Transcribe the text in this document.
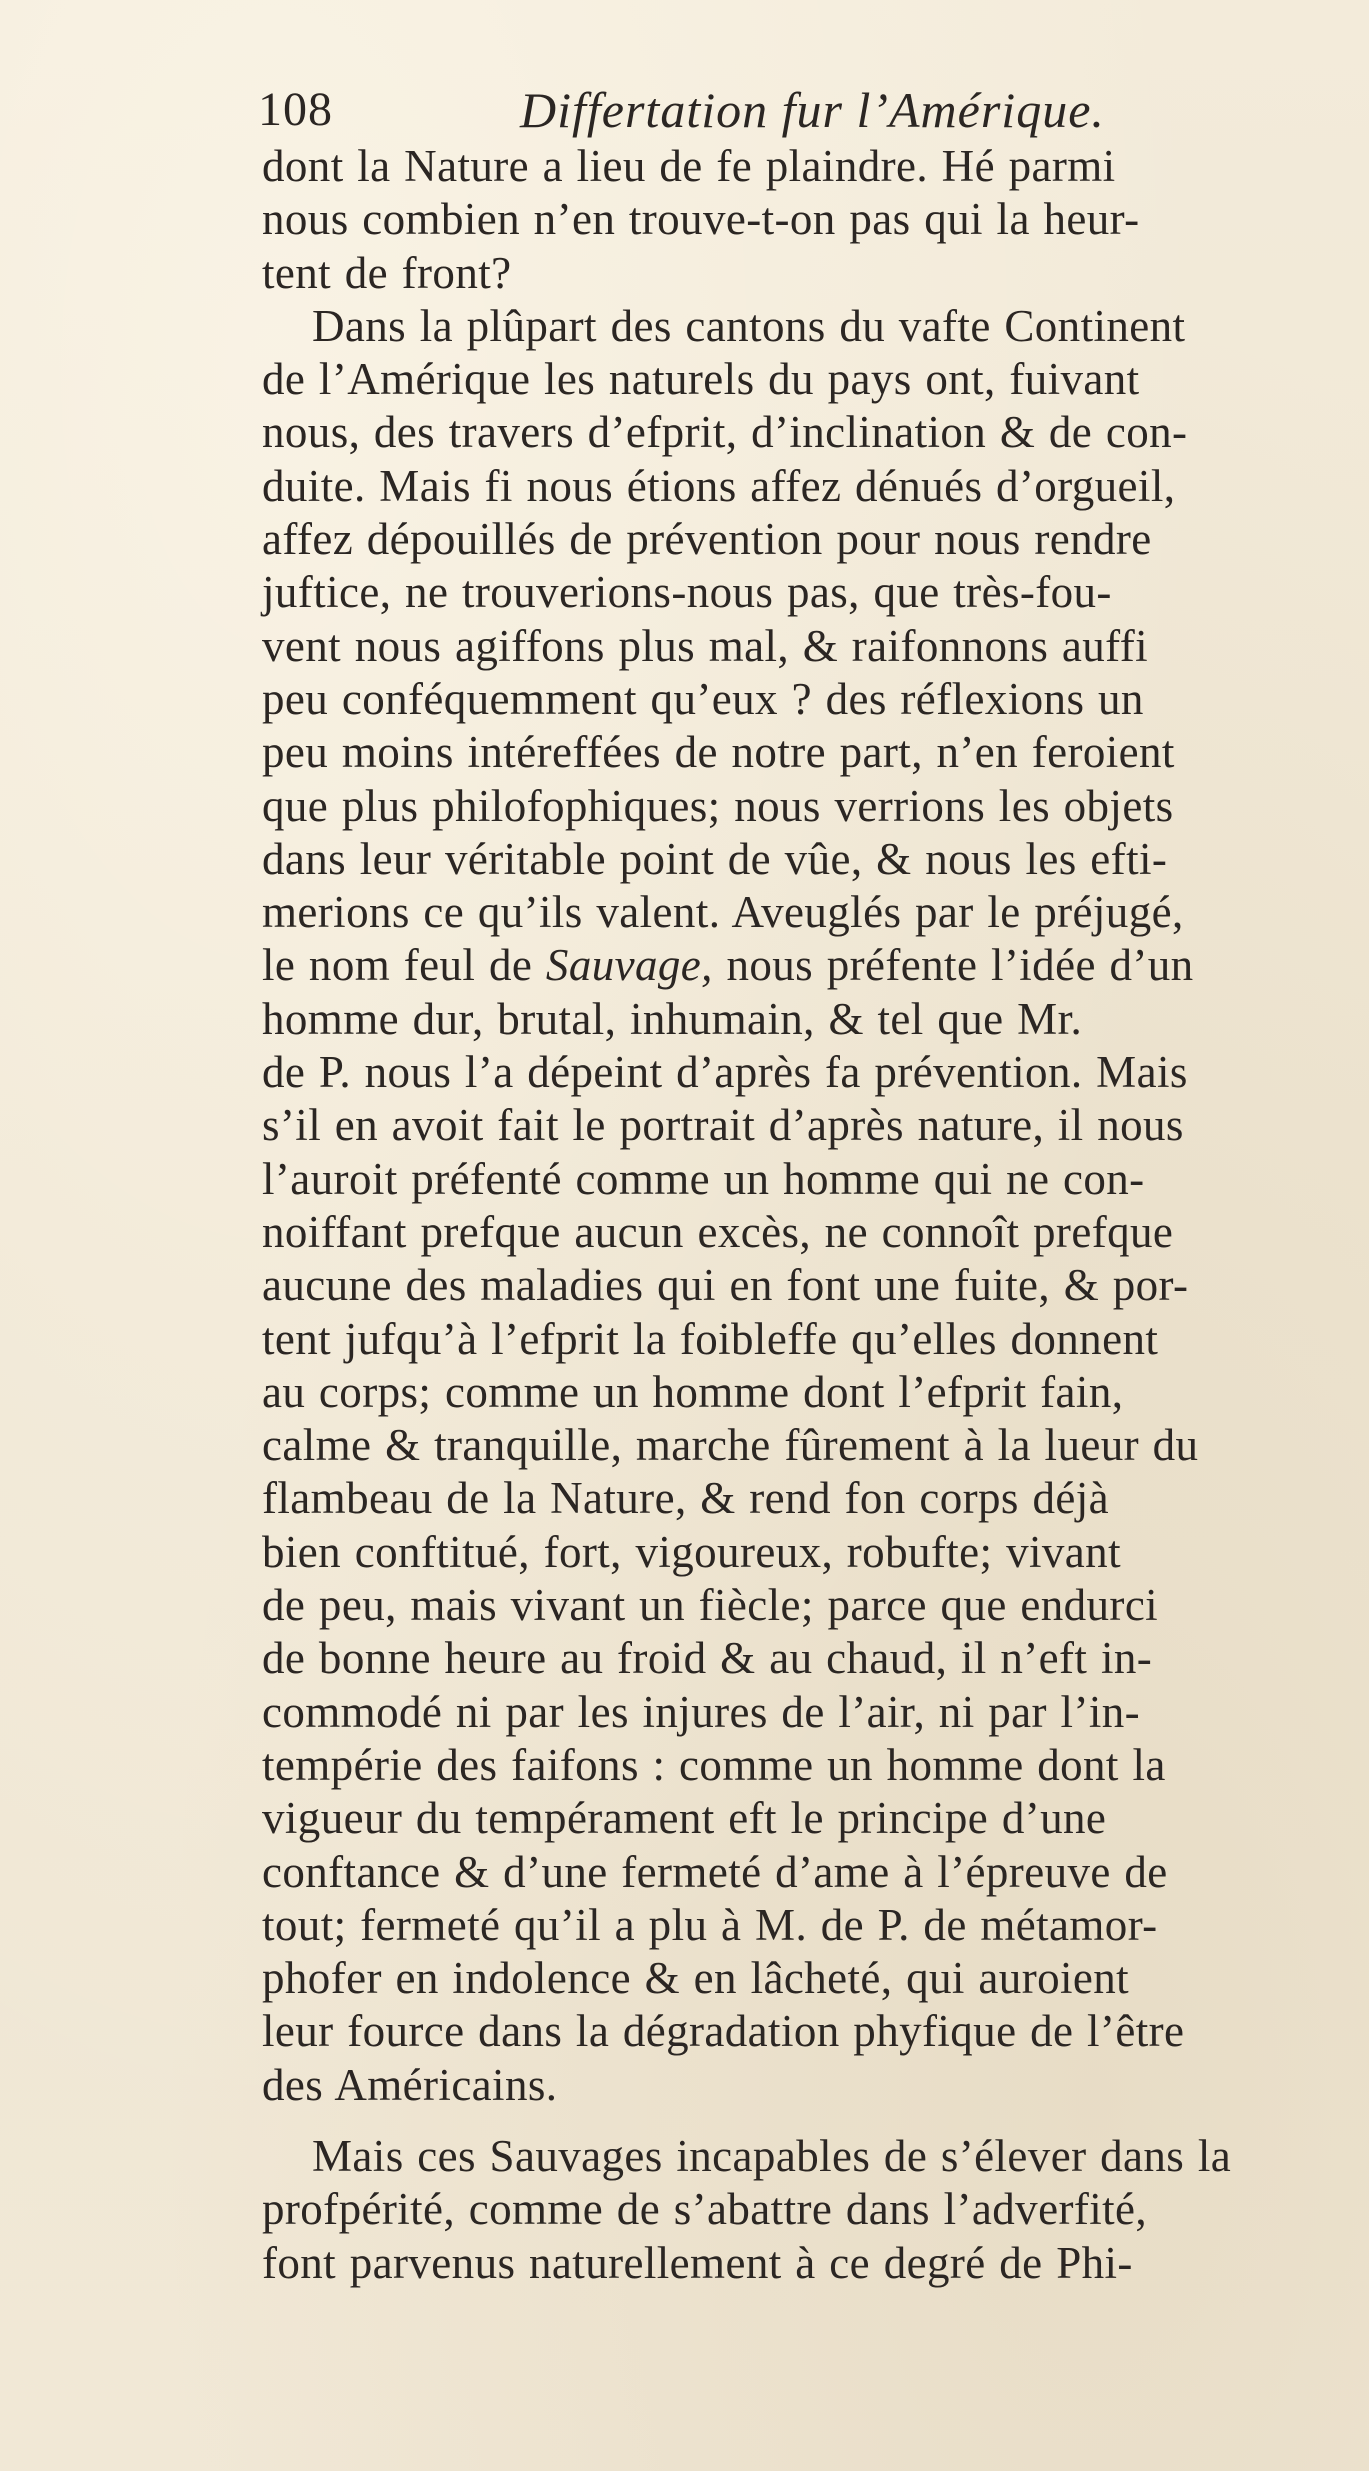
108	Differtation fur l’Amérique.
dont la Nature a lieu de fe plaindre. Hé parmi
nous combien n’en trouve-t-on pas qui la heur-
tent de front?
Dans la plûpart des cantons du vafte Continent
de l’Amérique les naturels du pays ont, fuivant
nous, des travers d’efprit, d’inclination & de con-
duite. Mais fi nous étions affez dénués d’orgueil,
affez dépouillés de prévention pour nous rendre
juftice, ne trouverions-nous pas, que très-fou-
vent nous agiffons plus mal, & raifonnons auffi
peu conféquemment qu’eux ? des réflexions un
peu moins intéreffées de notre part, n’en feroient
que plus philofophiques; nous verrions les objets
dans leur véritable point de vûe, & nous les efti-
merions ce qu’ils valent. Aveuglés par le préjugé,
le nom feul de Sauvage, nous préfente l’idée d’un
homme dur, brutal, inhumain, & tel que Mr.
de P. nous l’a dépeint d’après fa prévention. Mais
s’il en avoit fait le portrait d’après nature, il nous
l’auroit préfenté comme un homme qui ne con-
noiffant prefque aucun excès, ne connoît prefque
aucune des maladies qui en font une fuite, & por-
tent jufqu’à l’efprit la foibleffe qu’elles donnent
au corps; comme un homme dont l’efprit fain,
calme & tranquille, marche fûrement à la lueur du
flambeau de la Nature, & rend fon corps déjà
bien conftitué, fort, vigoureux, robufte; vivant
de peu, mais vivant un fiècle; parce que endurci
de bonne heure au froid & au chaud, il n’eft in-
commodé ni par les injures de l’air, ni par l’in-
tempérie des faifons : comme un homme dont la
vigueur du tempérament eft le principe d’une
conftance & d’une fermeté d’ame à l’épreuve de
tout; fermeté qu’il a plu à M. de P. de métamor-
phofer en indolence & en lâcheté, qui auroient
leur fource dans la dégradation phyfique de l’être
des Américains.
Mais ces Sauvages incapables de s’élever dans la
profpérité, comme de s’abattre dans l’adverfité,
font parvenus naturellement à ce degré de Phi-
